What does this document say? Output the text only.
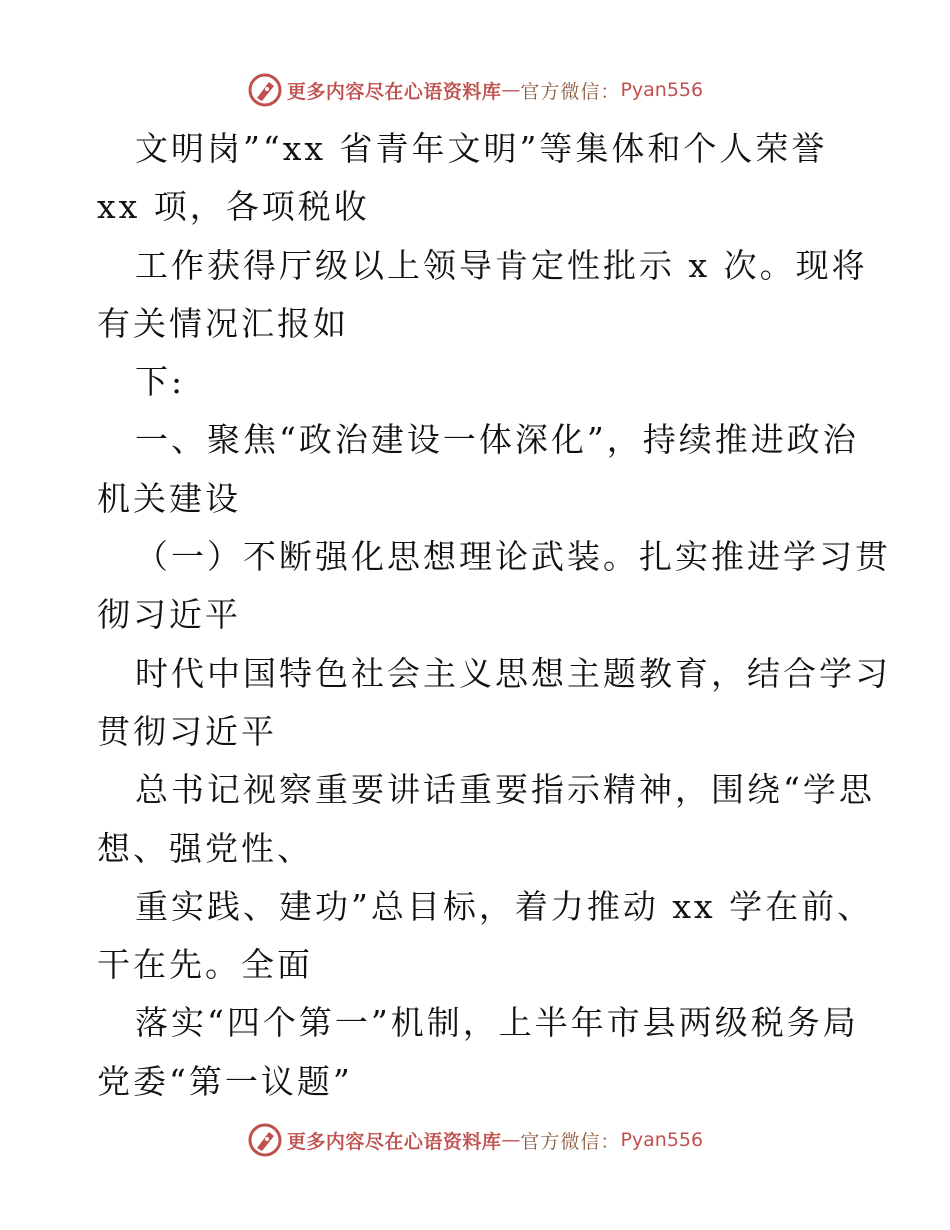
更多内容尽在心语资料库 — 官方微信： Pyan556
文明岗”“xx 省青年文明”等集体和个人荣誉
xx 项，各项税收
工作获得厅级以上领导肯定性批示 x 次。现将
有关情况汇报如
下:
一、聚焦“政治建设一体深化”，持续推进政治
机关建设
（一）不断强化思想理论武装。扎实推进学习贯
彻习近平
时代中国特色社会主义思想主题教育，结合学习
贯彻习近平
总书记视察重要讲话重要指示精神，围绕“学思
想、强党性、
重实践、建功”总目标，着力推动 xx 学在前、
干在先。全面
落实“四个第一”机制，上半年市县两级税务局
党委“第一议题”
更多内容尽在心语资料库 — 官方微信： Pyan556
